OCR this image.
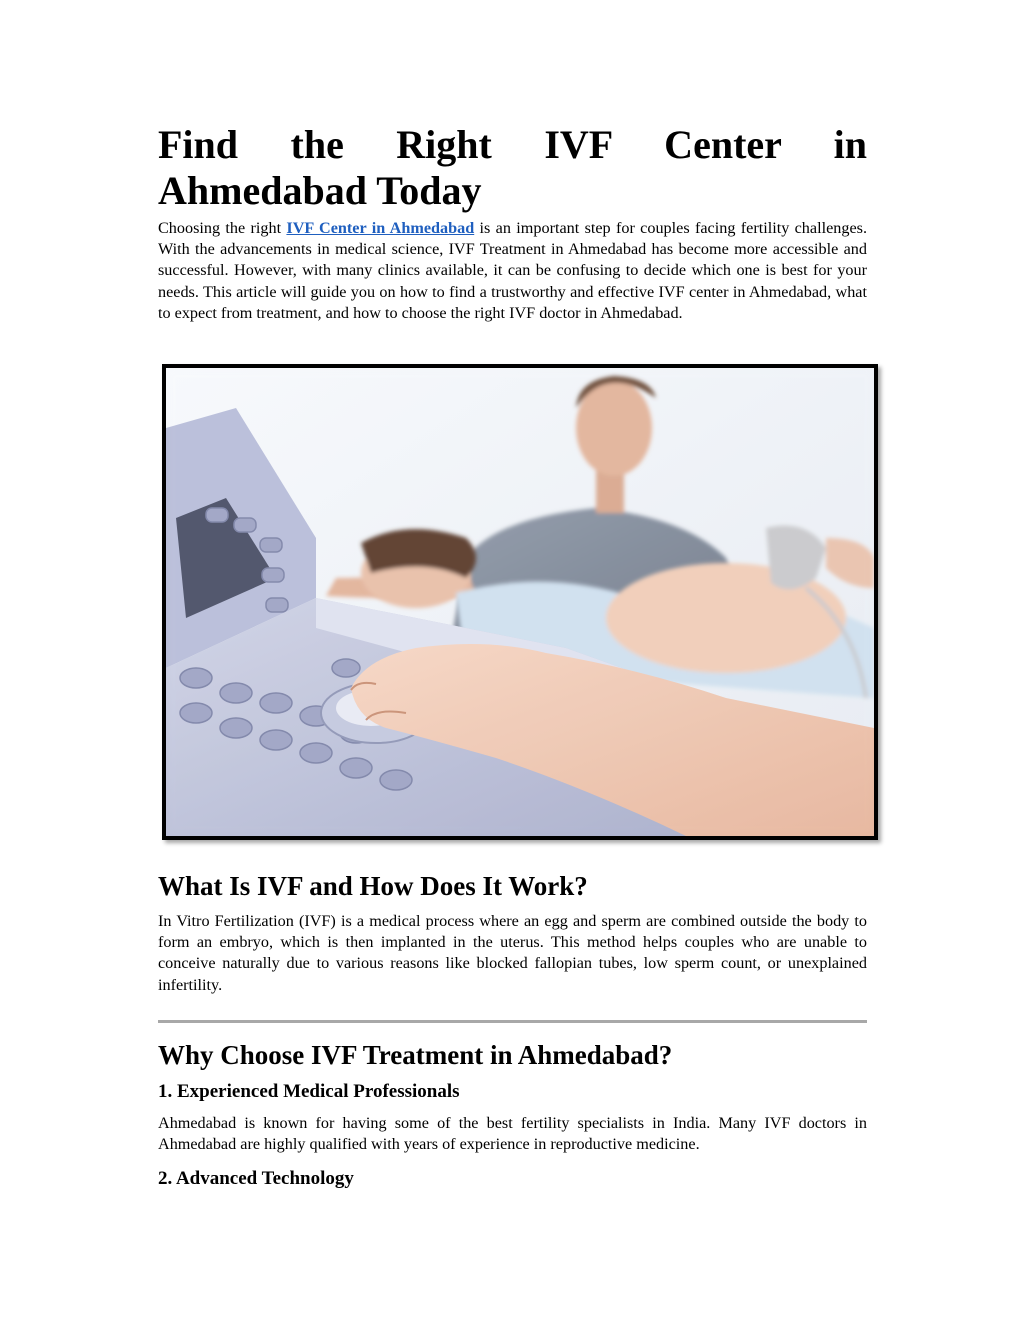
Find the Right IVF Center in Ahmedabad Today

Choosing the right IVF Center in Ahmedabad is an important step for couples facing fertility challenges. With the advancements in medical science, IVF Treatment in Ahmedabad has become more accessible and successful. However, with many clinics available, it can be confusing to decide which one is best for your needs. This article will guide you on how to find a trustworthy and effective IVF center in Ahmedabad, what to expect from treatment, and how to choose the right IVF doctor in Ahmedabad.

What Is IVF and How Does It Work?

In Vitro Fertilization (IVF) is a medical process where an egg and sperm are combined outside the body to form an embryo, which is then implanted in the uterus. This method helps couples who are unable to conceive naturally due to various reasons like blocked fallopian tubes, low sperm count, or unexplained infertility.

Why Choose IVF Treatment in Ahmedabad?
1. Experienced Medical Professionals

Ahmedabad is known for having some of the best fertility specialists in India. Many IVF doctors in Ahmedabad are highly qualified with years of experience in reproductive medicine.

2. Advanced Technology
